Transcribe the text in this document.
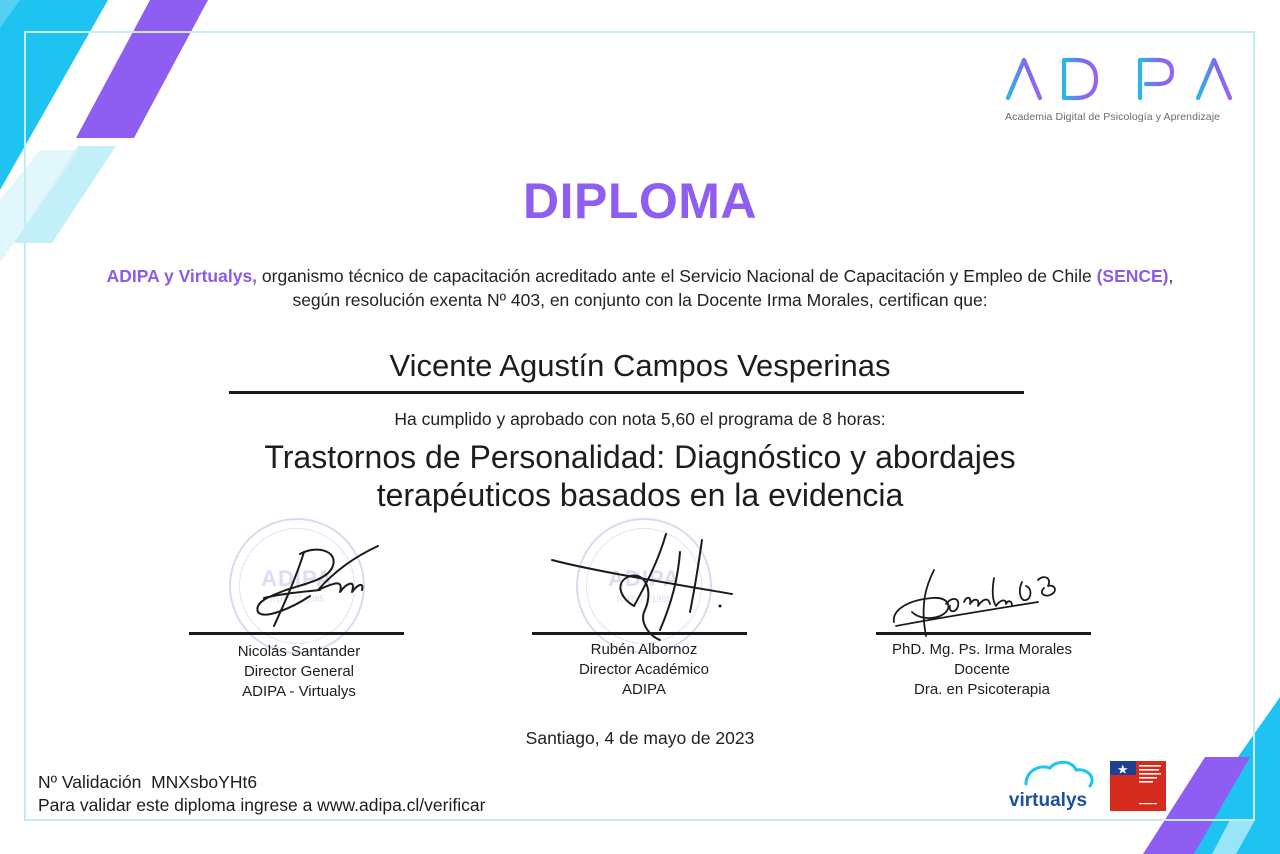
Academia Digital de Psicología y Aprendizaje
DIPLOMA
ADIPA y Virtualys, organismo técnico de capacitación acreditado ante el Servicio Nacional de Capacitación y Empleo de Chile (SENCE), según resolución exenta Nº 403, en conjunto con la Docente Irma Morales, certifican que:
Vicente Agustín Campos Vesperinas
Ha cumplido y aprobado con nota 5,60 el programa de 8 horas:
Trastornos de Personalidad: Diagnóstico y abordajes terapéuticos basados en la evidencia
ADIPA
RUT: 77.1985
ADIPA
RUT: 77.1985
Nicolás Santander
Director General
ADIPA - Virtualys
Rubén Albornoz
Director Académico
ADIPA
PhD. Mg. Ps. Irma Morales
Docente
Dra. en Psicoterapia
Santiago, 4 de mayo de 2023
Nº Validación  MNXsboYHt6
Para validar este diploma ingrese a www.adipa.cl/verificar	virtualys
